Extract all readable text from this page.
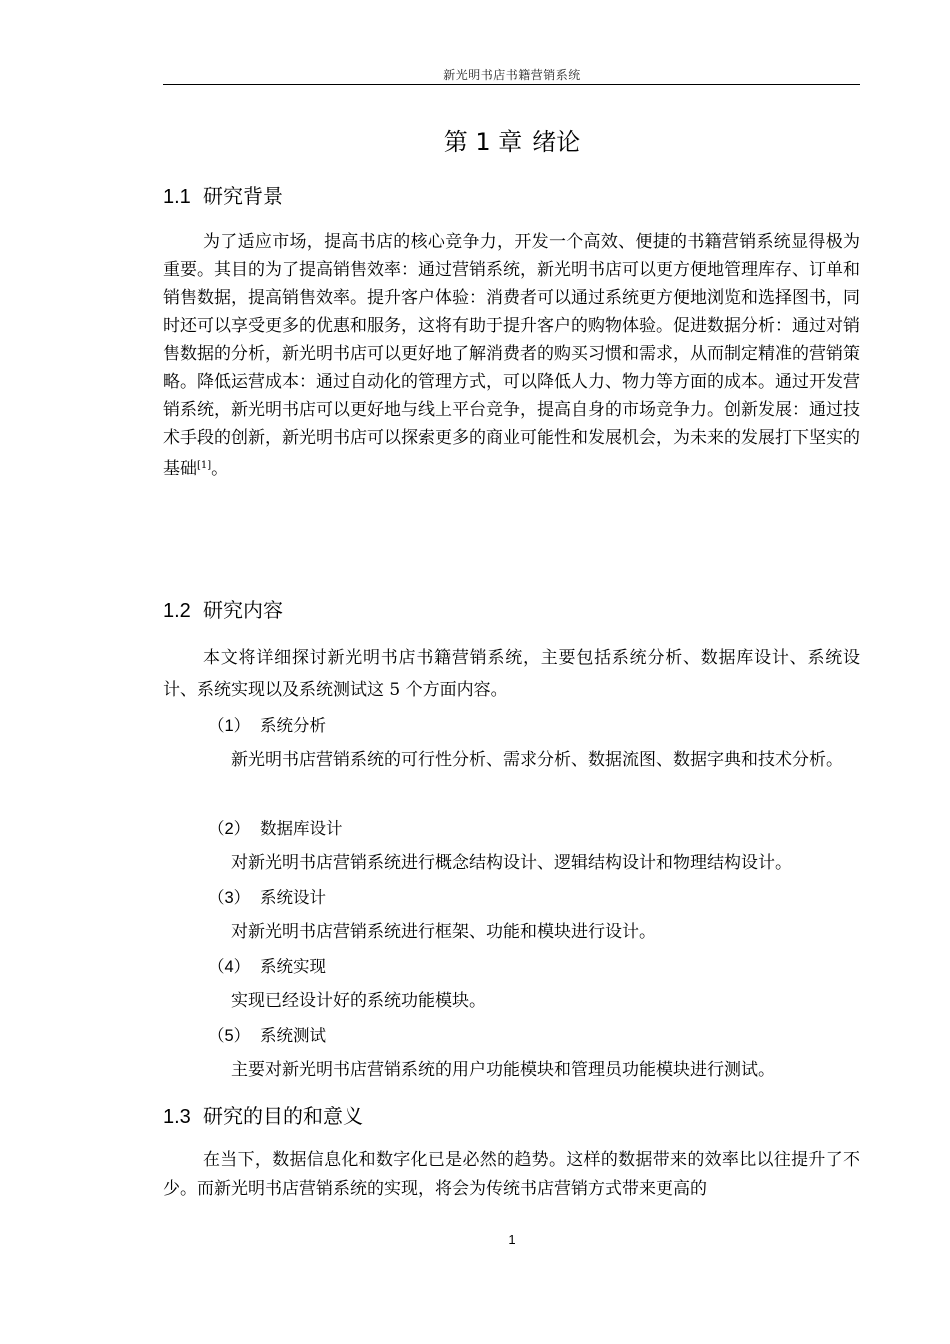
新光明书店书籍营销系统
第 1 章 绪论
1.1 研究背景

为了适应市场，提高书店的核心竞争力，开发一个高效、便捷的书籍营销系统显得极为重要。其目的为了提高销售效率：通过营销系统，新光明书店可以更方便地管理库存、订单和销售数据，提高销售效率。提升客户体验：消费者可以通过系统更方便地浏览和选择图书，同时还可以享受更多的优惠和服务，这将有助于提升客户的购物体验。促进数据分析：通过对销售数据的分析，新光明书店可以更好地了解消费者的购买习惯和需求，从而制定精准的营销策略。降低运营成本：通过自动化的管理方式，可以降低人力、物力等方面的成本。通过开发营销系统，新光明书店可以更好地与线上平台竞争，提高自身的市场竞争力。创新发展：通过技术手段的创新，新光明书店可以探索更多的商业可能性和发展机会，为未来的发展打下坚实的基础[1]。

1.2 研究内容

本文将详细探讨新光明书店书籍营销系统，主要包括系统分析、数据库设计、系统设计、系统实现以及系统测试这 5 个方面内容。

（1） 系统分析

新光明书店营销系统的可行性分析、需求分析、数据流图、数据字典和技术分析。

（2） 数据库设计

对新光明书店营销系统进行概念结构设计、逻辑结构设计和物理结构设计。

（3） 系统设计

对新光明书店营销系统进行框架、功能和模块进行设计。

（4） 系统实现

实现已经设计好的系统功能模块。

（5） 系统测试

主要对新光明书店营销系统的用户功能模块和管理员功能模块进行测试。

1.3 研究的目的和意义

在当下，数据信息化和数字化已是必然的趋势。这样的数据带来的效率比以往提升了不少。而新光明书店营销系统的实现，将会为传统书店营销方式带来更高的

1
